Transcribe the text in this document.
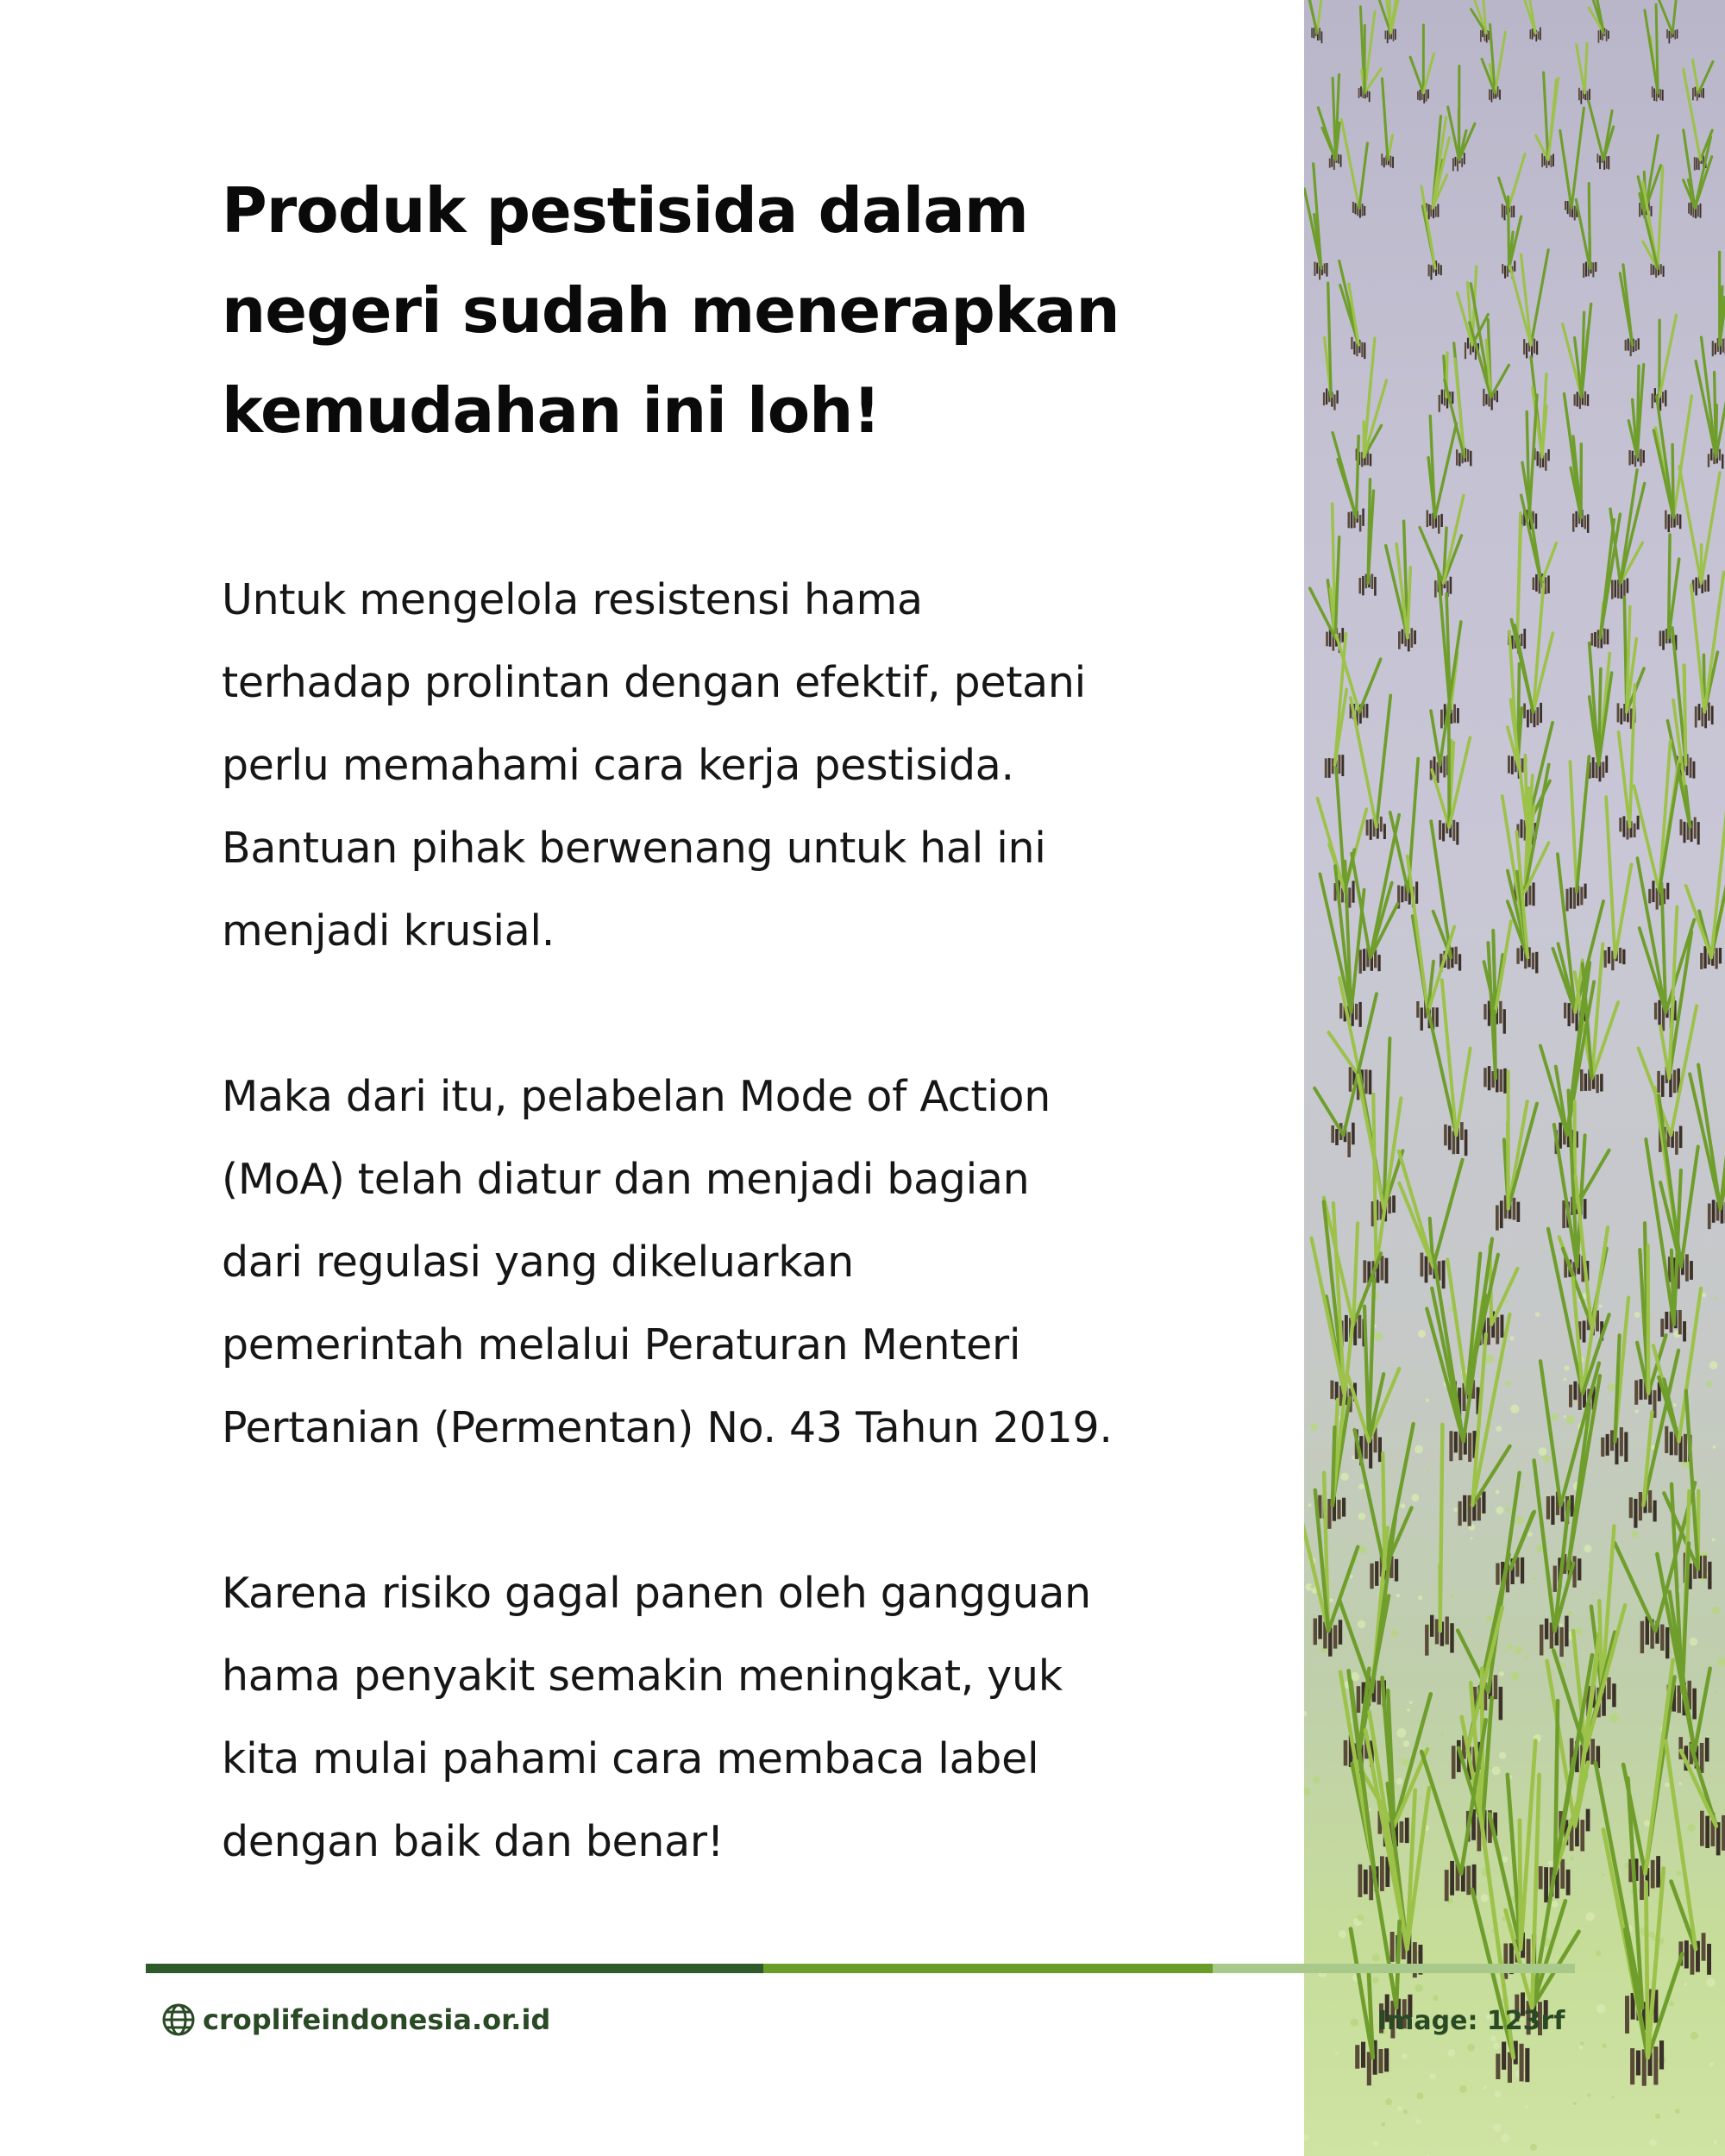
Produk pestisida dalam
negeri sudah menerapkan
kemudahan ini loh!

Untuk mengelola resistensi hama
terhadap prolintan dengan efektif, petani
perlu memahami cara kerja pestisida.
Bantuan pihak berwenang untuk hal ini
menjadi krusial.

Maka dari itu, pelabelan Mode of Action
(MoA) telah diatur dan menjadi bagian
dari regulasi yang dikeluarkan
pemerintah melalui Peraturan Menteri
Pertanian (Permentan) No. 43 Tahun 2019.

Karena risiko gagal panen oleh gangguan
hama penyakit semakin meningkat, yuk
kita mulai pahami cara membaca label
dengan baik dan benar!

croplifeindonesia.or.id	Image: 123rf
